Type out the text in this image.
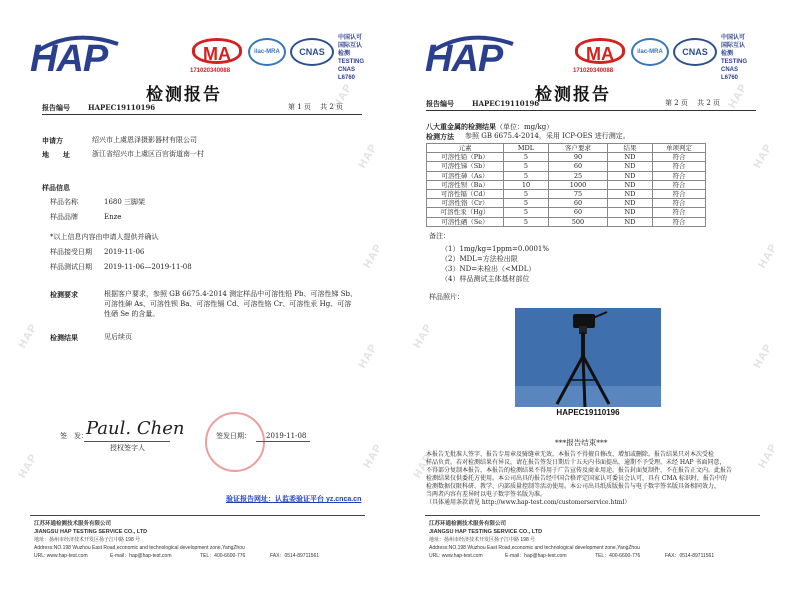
HAP
HAP
HAP
HAP
HAP
HAP
HAP
HAP	MA
171020340088
ilac-MRA	CNAS
中国认可
国际互认
检测
TESTING
CNAS L6760
检测报告
报告编号	HAPEC19110196	第 1 页　 共 2 页
申请方	绍兴市上虞恩泽摄影器材有限公司
地　　址	浙江省绍兴市上虞区百官街道南一村
样品信息
样品名称	1680 三脚架
样品品牌	Enze
*以上信息内容由申请人提供并确认
样品接受日期 2019-11-06
样品测试日期 2019-11-06—2019-11-08
检测要求	根据客户要求，参照 GB 6675.4-2014 测定样品中可溶性铅 Pb、可溶性锑 Sb、
可溶性砷 As、可溶性钡 Ba、可溶性镉 Cd、可溶性铬 Cr、可溶性汞 Hg、可溶
性硒 Se 的含量。
检测结果	见后续页
签　发：
Paul. Chen
授权签字人
签发日期： 2019-11-08
验证报告网址：认监委验证平台 yz.cnca.cn
江苏环通检测技术服务有限公司
JIANGSU HAP TESTING SERVICE CO., LTD
地址：扬州市经济技术开发区扬子江中路 198 号
Address:NO.198 Wuzhou East Road,economic and technological development zone,YangZhou
URL: www.hap-test.com	E-mail：hap@hap-test.com	TEL：400-6600-776	FAX：0514-89711561
HAP
HAP
HAP
HAP
HAP
HAP
HAP
HAP	MA
171020340088
ilac-MRA	CNAS
中国认可
国际互认
检测
TESTING
CNAS L6760
检测报告
报告编号	HAPEC19110196	第 2 页　 共 2 页
八大重金属的检测结果（单位：mg/kg）
检测方法 参照 GB 6675.4-2014，采用 ICP-OES 进行测定。
元素	MDL	客户要求	结果	单项判定
可溶性铅（Pb）	5	90	ND	符合
可溶性锑（Sb）	5	60	ND	符合
可溶性砷（As）	5	25	ND	符合
可溶性钡（Ba）	10	1000	ND	符合
可溶性镉（Cd）	5	75	ND	符合
可溶性铬（Cr）	5	60	ND	符合
可溶性汞（Hg）	5	60	ND	符合
可溶性硒（Se）	5	500	ND	符合
备注：
（1）1mg/kg=1ppm=0.0001%
（2）MDL=方法检出限
（3）ND=未检出（<MDL）
（4）样品测试主体基材部位
样品照片：
HAPEC19110196
***报告结束***
本报告无批准人签字、报告专用章及骑缝章无效。本报告不得擅自修改、增加或删除。报告结果只对本次受检
样品负责。若对检测结果有异议，请在报告签发日期后十五天内书面提出，逾期不予受理。未经 HAP 书面同意，
不得部分复制本报告。本报告的检测结果不得用于广告宣传及商业用途。报告封面复制件，不在报告正文内。此报告
检测结果仅供委托方使用。本公司出具的报告经中国合格评定国家认可委员会认可，具有 CMA 标识时，报告中的
检测数据仅限科研、教学、内部质量控制等活动使用。本公司出具纸质版报告与电子数字签名版具备相同效力，
当两者内容有差异时以电子数字签名版为准。
（具体通用条款请见 http://www.hap-test.com/customerservice.html）
江苏环通检测技术服务有限公司
JIANGSU HAP TESTING SERVICE CO., LTD
地址：扬州市经济技术开发区扬子江中路 198 号
Address:NO.198 Wuzhou East Road,economic and technological development zone,YangZhou
URL: www.hap-test.com	E-mail：hap@hap-test.com	TEL：400-6600-776	FAX：0514-89711561
